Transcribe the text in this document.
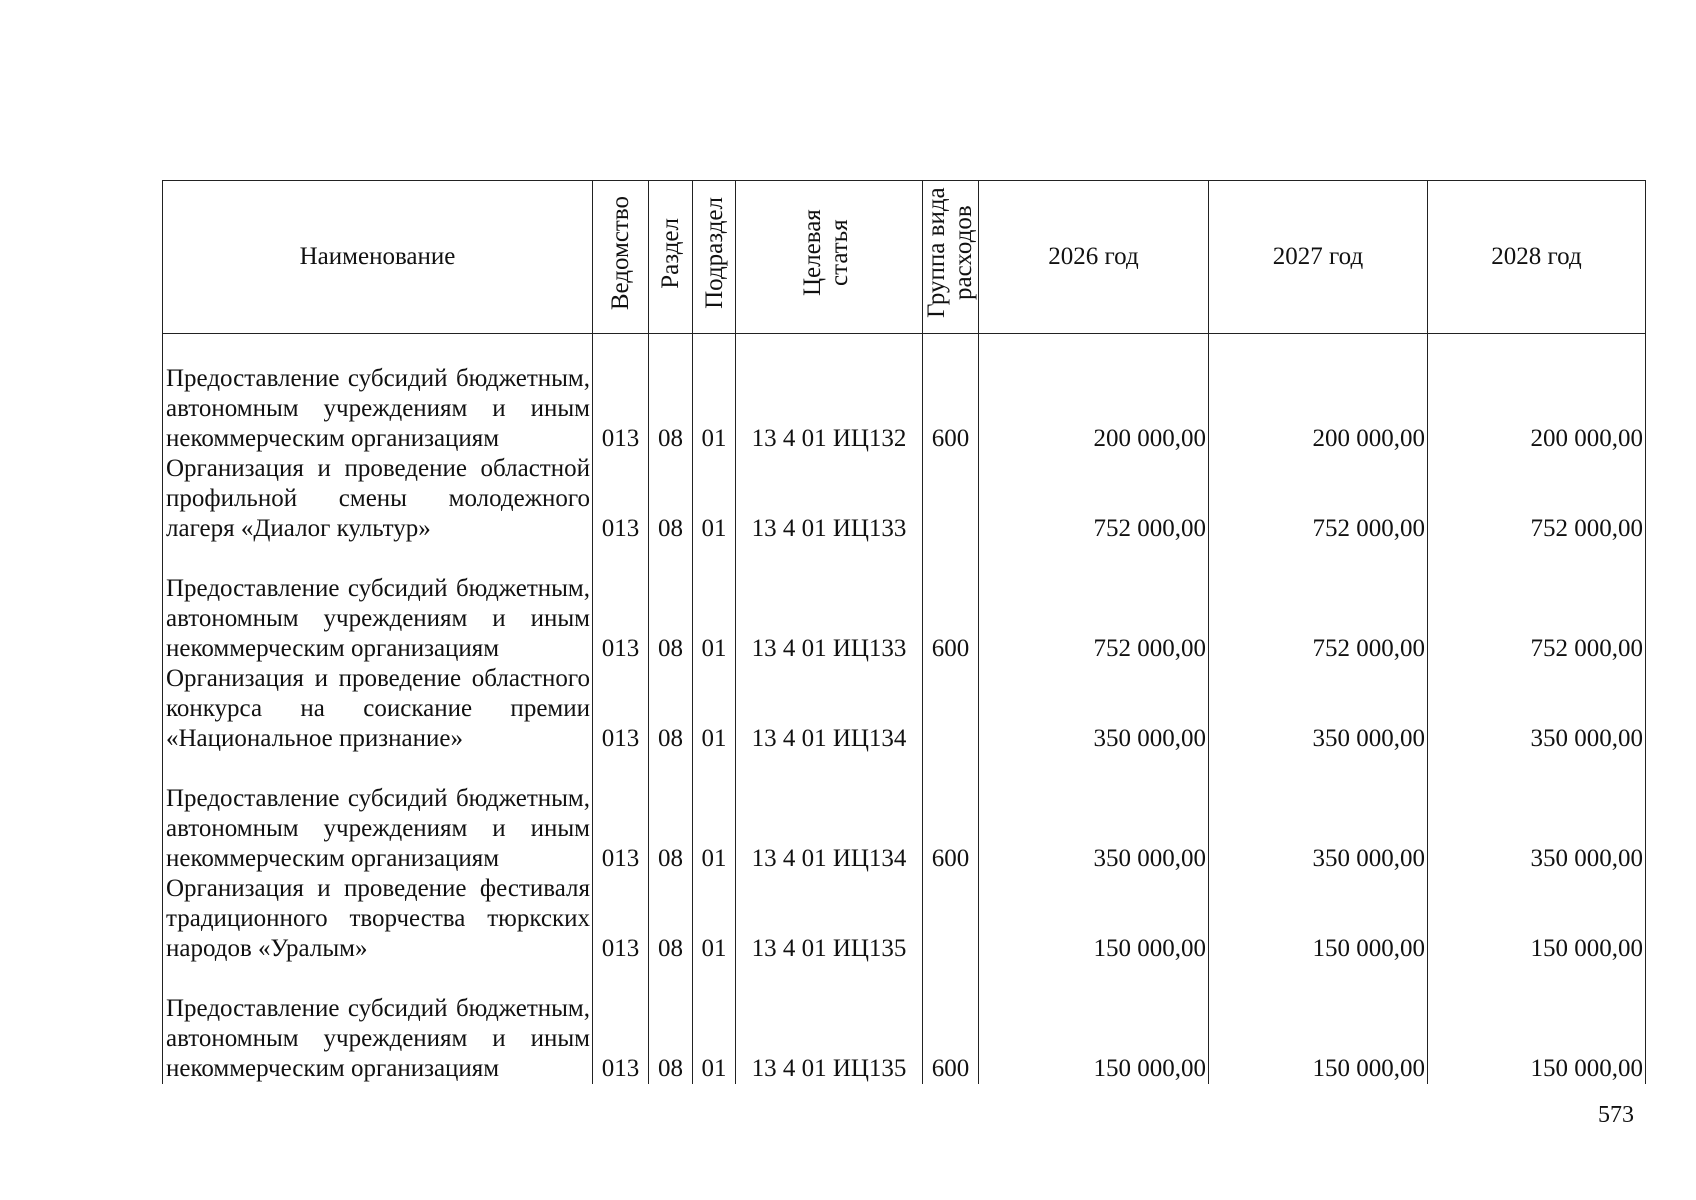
Наименование	Ведомство	Раздел	Подраздел	Целевая статья	Группа вида расходов	2026 год	2027 год	2028 год

Предоставление субсидий бюджетным, автономным учреждениям и иным некоммерческим организациям	013	08	01	13 4 01 ИЦ132	600	200 000,00	200 000,00	200 000,00

Организация и проведение областной профильной смены молодежного лагеря «Диалог культур»	013	08	01	13 4 01 ИЦ133		752 000,00	752 000,00	752 000,00

Предоставление субсидий бюджетным, автономным учреждениям и иным некоммерческим организациям	013	08	01	13 4 01 ИЦ133	600	752 000,00	752 000,00	752 000,00

Организация и проведение областного конкурса на соискание премии «Национальное признание»	013	08	01	13 4 01 ИЦ134		350 000,00	350 000,00	350 000,00

Предоставление субсидий бюджетным, автономным учреждениям и иным некоммерческим организациям	013	08	01	13 4 01 ИЦ134	600	350 000,00	350 000,00	350 000,00

Организация и проведение фестиваля традиционного творчества тюркских народов «Уралым»	013	08	01	13 4 01 ИЦ135		150 000,00	150 000,00	150 000,00

Предоставление субсидий бюджетным, автономным учреждениям и иным некоммерческим организациям	013	08	01	13 4 01 ИЦ135	600	150 000,00	150 000,00	150 000,00
573
